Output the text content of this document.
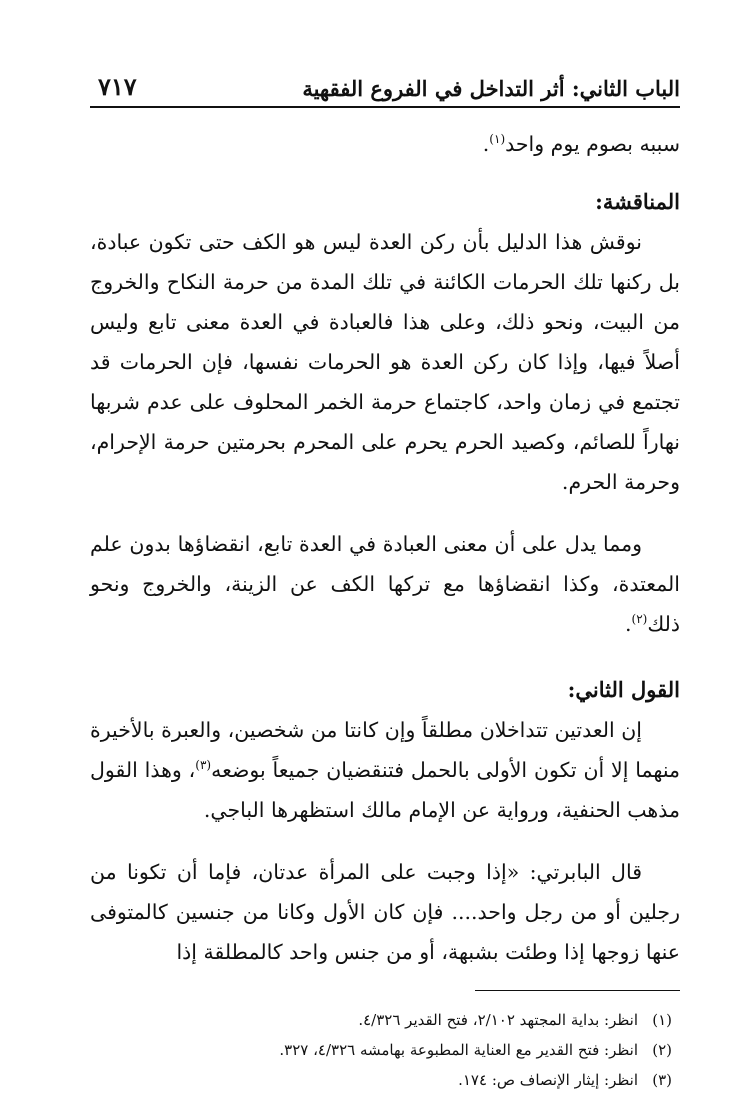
الباب الثاني: أثر التداخل في الفروع الفقهية
٧١٧

سببه بصوم يوم واحد$^{(١)}$.

المناقشة:

نوقش هذا الدليل بأن ركن العدة ليس هو الكف حتى تكون عبادة، بل ركنها تلك الحرمات الكائنة في تلك المدة من حرمة النكاح والخروج من البيت، ونحو ذلك، وعلى هذا فالعبادة في العدة معنى تابع وليس أصلاً فيها، وإذا كان ركن العدة هو الحرمات نفسها، فإن الحرمات قد تجتمع في زمان واحد، كاجتماع حرمة الخمر المحلوف على عدم شربها نهاراً للصائم، وكصيد الحرم يحرم على المحرم بحرمتين حرمة الإحرام، وحرمة الحرم.

ومما يدل على أن معنى العبادة في العدة تابع، انقضاؤها بدون علم المعتدة، وكذا انقضاؤها مع تركها الكف عن الزينة، والخروج ونحو ذلك$^{(٢)}$.

القول الثاني:

إن العدتين تتداخلان مطلقاً وإن كانتا من شخصين، والعبرة بالأخيرة منهما إلا أن تكون الأولى بالحمل فتنقضيان جميعاً بوضعه$^{(٣)}$، وهذا القول مذهب الحنفية، ورواية عن الإمام مالك استظهرها الباجي.

قال البابرتي: «إذا وجبت على المرأة عدتان، فإما أن تكونا من رجلين أو من رجل واحد.... فإن كان الأول وكانا من جنسين كالمتوفى عنها زوجها إذا وطئت بشبهة، أو من جنس واحد كالمطلقة إذا

(١)انظر: بداية المجتهد ٢/١٠٢، فتح القدير ٤/٣٢٦.
(٢)انظر: فتح القدير مع العناية المطبوعة بهامشه ٤/٣٢٦، ٣٢٧.
(٣)انظر: إيثار الإنصاف ص: ١٧٤.
